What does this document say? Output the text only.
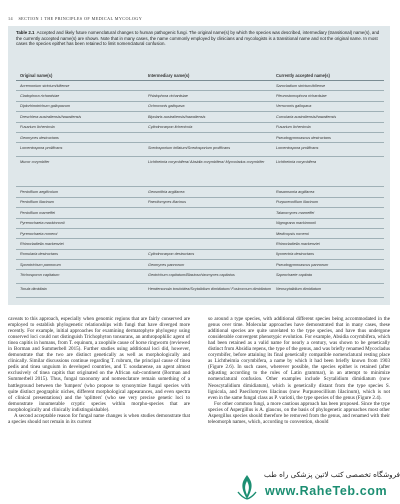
14 SECTION 1 THE PRINCIPLES OF MEDICAL MYCOLOGY
Table 2.1 Accepted and likely future nomenclatural changes to human pathogenic fungi. The original name(s) by which the species was described, intermediary (transitional) name(s), and the currently accepted name(s) are shown. Note that in many cases, the name commonly employed by clinicians and mycologists is a transitional name and not the original name. In most cases the species epithet has been retained to limit nomenclatural confusion.
Original name(s)	Intermediary name(s)	Currently accepted name(s)
Acremonium strictum/kiliense		Sarocladium strictum/kiliense
Cladophora richardsiae	Phialophora richardsiae	Pleurostomophora richardsiae
Diplorhinotrichum gallopavum	Ochroconis gallopava	Verruconis gallopava
Dreschlera australiensis/hawaiiensis	Bipolaris australiensis/hawaiiensis	Curvularia australiensis/hawaiiensis
Fusarium lichenicola	Cylindrocarpon lichenicola	Fusarium lichenicola
Geomyces destructans		Pseudogymnoascus destructans
Lomentospora prolificans	Scedosporium inflatum/Scedosporium prolificans	Lomentospora prolificans
Mucor corymbifer	Lichtheimia corymbifera/ Absidia corymbifera/ Mycocladus corymbifer	Lichtheimia corymbifera
Penicillium aegilicolum	Geosmithia argillacea	Rasamsonia argillacea
Penicillium lilacinum	Paecilomyces lilacinus	Purpureocillium lilacinum
Penicillium marneffei		Talaromyces marneffei
Pyrenochaeta mackinnonii		Nigrograna mackinnonii
Pyrenochaeta romeroi		Medicopsis romeroi
Rhinocladiella mackenziei		Rhinocladiella mackenziei
Romularia destructans	Cylindrocarpon destructans	Ilyonectria destructans
Sporotrichum pannorum	Geomyces pannorum	Pseudogymnoascus pannorum
Trichosporon capitatum	Geotrichum capitatum/Blastoschizomyces capitatus	Saprochaete capitata
Torula dimidiata	Hendersonula toruloidea/Scytalidium dimidiatum/ Fusicoccum dimidiatum	Neoscytalidium dimidiatum

caveats to this approach, especially when genomic regions that are fairly conserved are employed to establish phylogenetic relationships with fungi that have diverged more recently. For example, initial approaches for examining dermatophyte phylogeny using conserved loci could not distinguish Trichophyton tonsurans, an anthropophilic agent of tinea capitis in humans, from T. equinum, a zoophile cause of horse ringworm (reviewed in Borman and Summerbell 2015). Further studies using additional loci did, however, demonstrate that the two are distinct genetically as well as morphologically and clinically. Similar discussions continue regarding T. rubrum, the principal cause of tinea pedis and tinea unguium in developed countries, and T. soudanense, an agent almost exclusively of tinea capitis that originated on the African sub-continent (Borman and Summerbell 2015). Thus, fungal taxonomy and nomenclature remain something of a battleground between the 'lumpers' (who propose to synonymize fungal species with quite distinct geographic niches, different morphological appearances, and even spectra of clinical presentations) and the 'splitters' (who see very precise genetic loci to demonstrate innumerable cryptic species within morpho-species that are morphologically and clinically indistinguishable).

A second acceptable reason for fungal name changes is when studies demonstrate that a species should not remain in its current

so around a type species, with additional different species being accommodated in the genus over time. Molecular approaches have demonstrated that in many cases, these additional species are quite unrelated to the type species, and have thus undergone considerable convergent phenotypic evolution. For example, Absidia corymbifera, which had been retained as a valid name for nearly a century, was shown to be genetically distinct from Absidia repens, the type of the genus, and was briefly renamed Mycocladus corymbifer, before attaining its final genetically compatible nomenclatural resting place as Lichtheimia corymbifera, a name by which it had been briefly known from 1903 (Figure 2.6). In such cases, wherever possible, the species epithet is retained (after adjusting according to the rules of Latin grammar), in an attempt to minimize nomenclatural confusion. Other examples include Scytalidium dimidiatum (now Neoscytalidium dimidiatum), which is genetically distant from the type species S. lignicola, and Paecilomyces lilacinus (now Purpureocillium lilacinum), which is not even in the same fungal class as P. variotii, the type species of the genus (Figure 2.4).

For other common fungi, a more cautious approach has been proposed. Since the type species of Aspergillus is A. glaucus, on the basis of phylogenetic approaches most other Aspergillus species should therefore be removed from the genus, and renamed with their teleomorph names, which, according to convention, should

فروشگاه تخصصی کتب لاتین پزشکی راه طب
www.RaheTeb.com
